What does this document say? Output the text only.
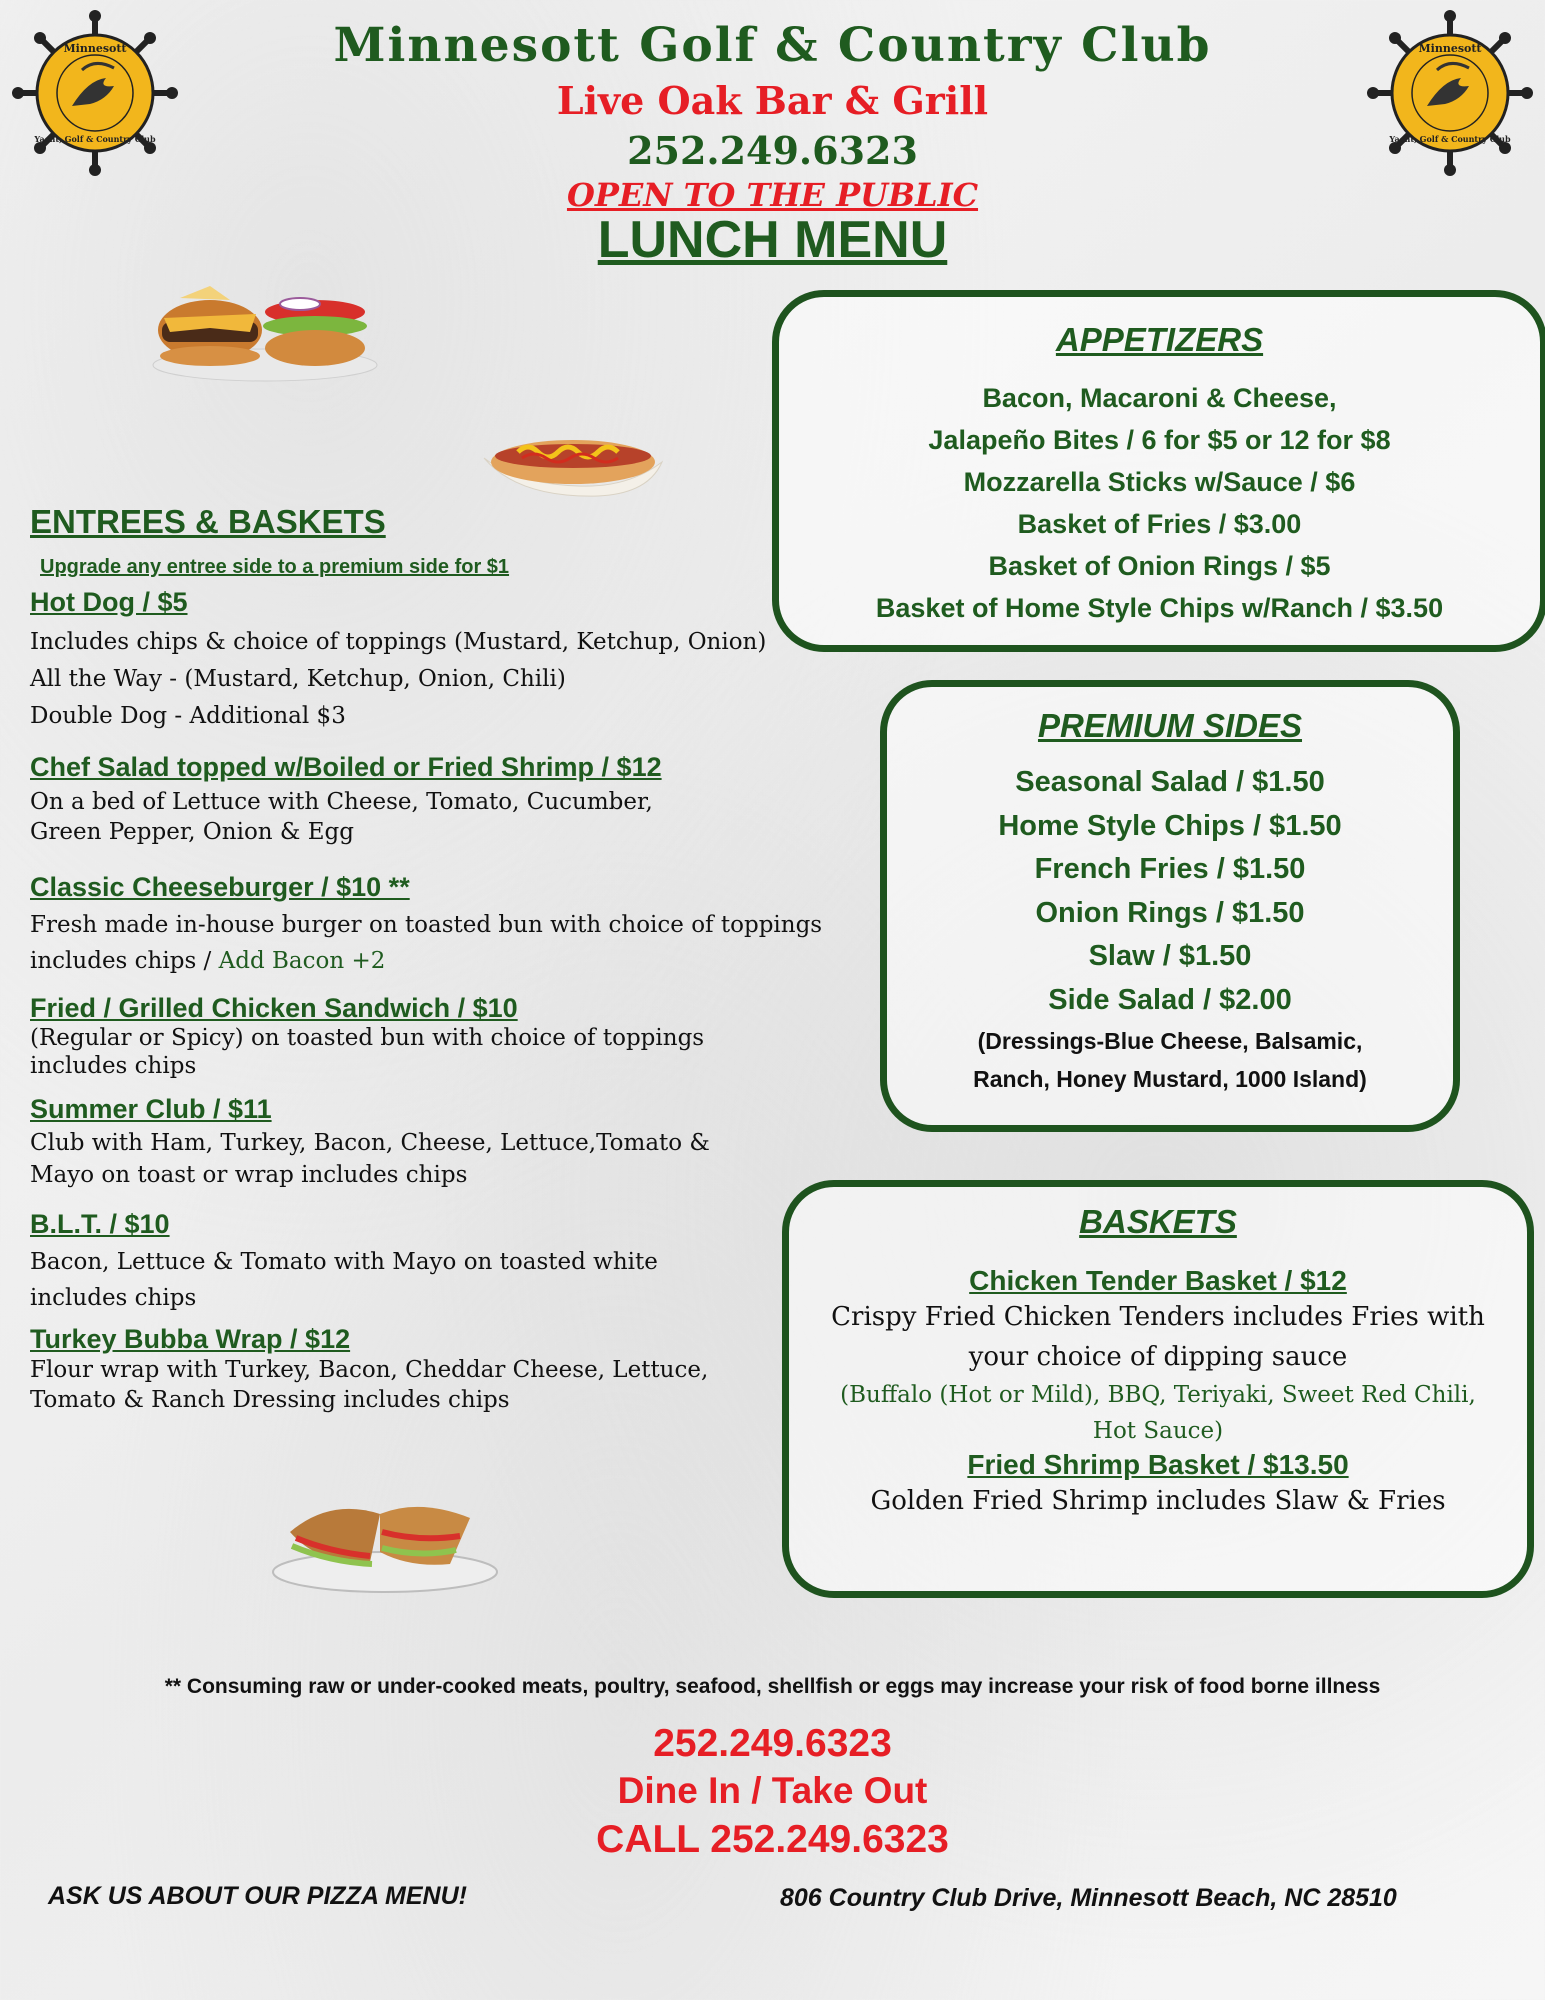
Minnesott Golf & Country Club
Live Oak Bar & Grill
252.249.6323
OPEN TO THE PUBLIC
LUNCH MENU
Minnesott
Yacht, Golf & Country Club
Minnesott
Yacht, Golf & Country Club
ENTREES & BASKETS
Upgrade any entree side to a premium side for $1
Hot Dog / $5
Includes chips & choice of toppings (Mustard, Ketchup, Onion)
All the Way - (Mustard, Ketchup, Onion, Chili)
Double Dog - Additional $3
Chef Salad topped w/Boiled or Fried Shrimp / $12
On a bed of Lettuce with Cheese, Tomato, Cucumber,
Green Pepper, Onion & Egg
Classic Cheeseburger / $10 **
Fresh made in-house burger on toasted bun with choice of toppings
includes chips / Add Bacon +2
Fried / Grilled Chicken Sandwich / $10
(Regular or Spicy) on toasted bun with choice of toppings
includes chips
Summer Club / $11
Club with Ham, Turkey, Bacon, Cheese, Lettuce,Tomato &
Mayo on toast or wrap includes chips
B.L.T. / $10
Bacon, Lettuce & Tomato with Mayo on toasted white
includes chips
Turkey Bubba Wrap / $12
Flour wrap with Turkey, Bacon, Cheddar Cheese, Lettuce,
Tomato & Ranch Dressing includes chips
APPETIZERS
Bacon, Macaroni & Cheese,
Jalapeño Bites / 6 for $5 or 12 for $8
Mozzarella Sticks w/Sauce / $6
Basket of Fries / $3.00
Basket of Onion Rings / $5
Basket of Home Style Chips w/Ranch / $3.50
PREMIUM SIDES
Seasonal Salad / $1.50
Home Style Chips / $1.50
French Fries / $1.50
Onion Rings / $1.50
Slaw / $1.50
Side Salad / $2.00
(Dressings-Blue Cheese, Balsamic,
Ranch, Honey Mustard, 1000 Island)
BASKETS
Chicken Tender Basket / $12
Crispy Fried Chicken Tenders includes Fries with
your choice of dipping sauce
(Buffalo (Hot or Mild), BBQ, Teriyaki, Sweet Red Chili,
Hot Sauce)
Fried Shrimp Basket / $13.50
Golden Fried Shrimp includes Slaw & Fries
** Consuming raw or under-cooked meats, poultry, seafood, shellfish or eggs may increase your risk of food borne illness
252.249.6323
Dine In / Take Out
CALL 252.249.6323
ASK US ABOUT OUR PIZZA MENU!	806 Country Club Drive, Minnesott Beach, NC 28510
